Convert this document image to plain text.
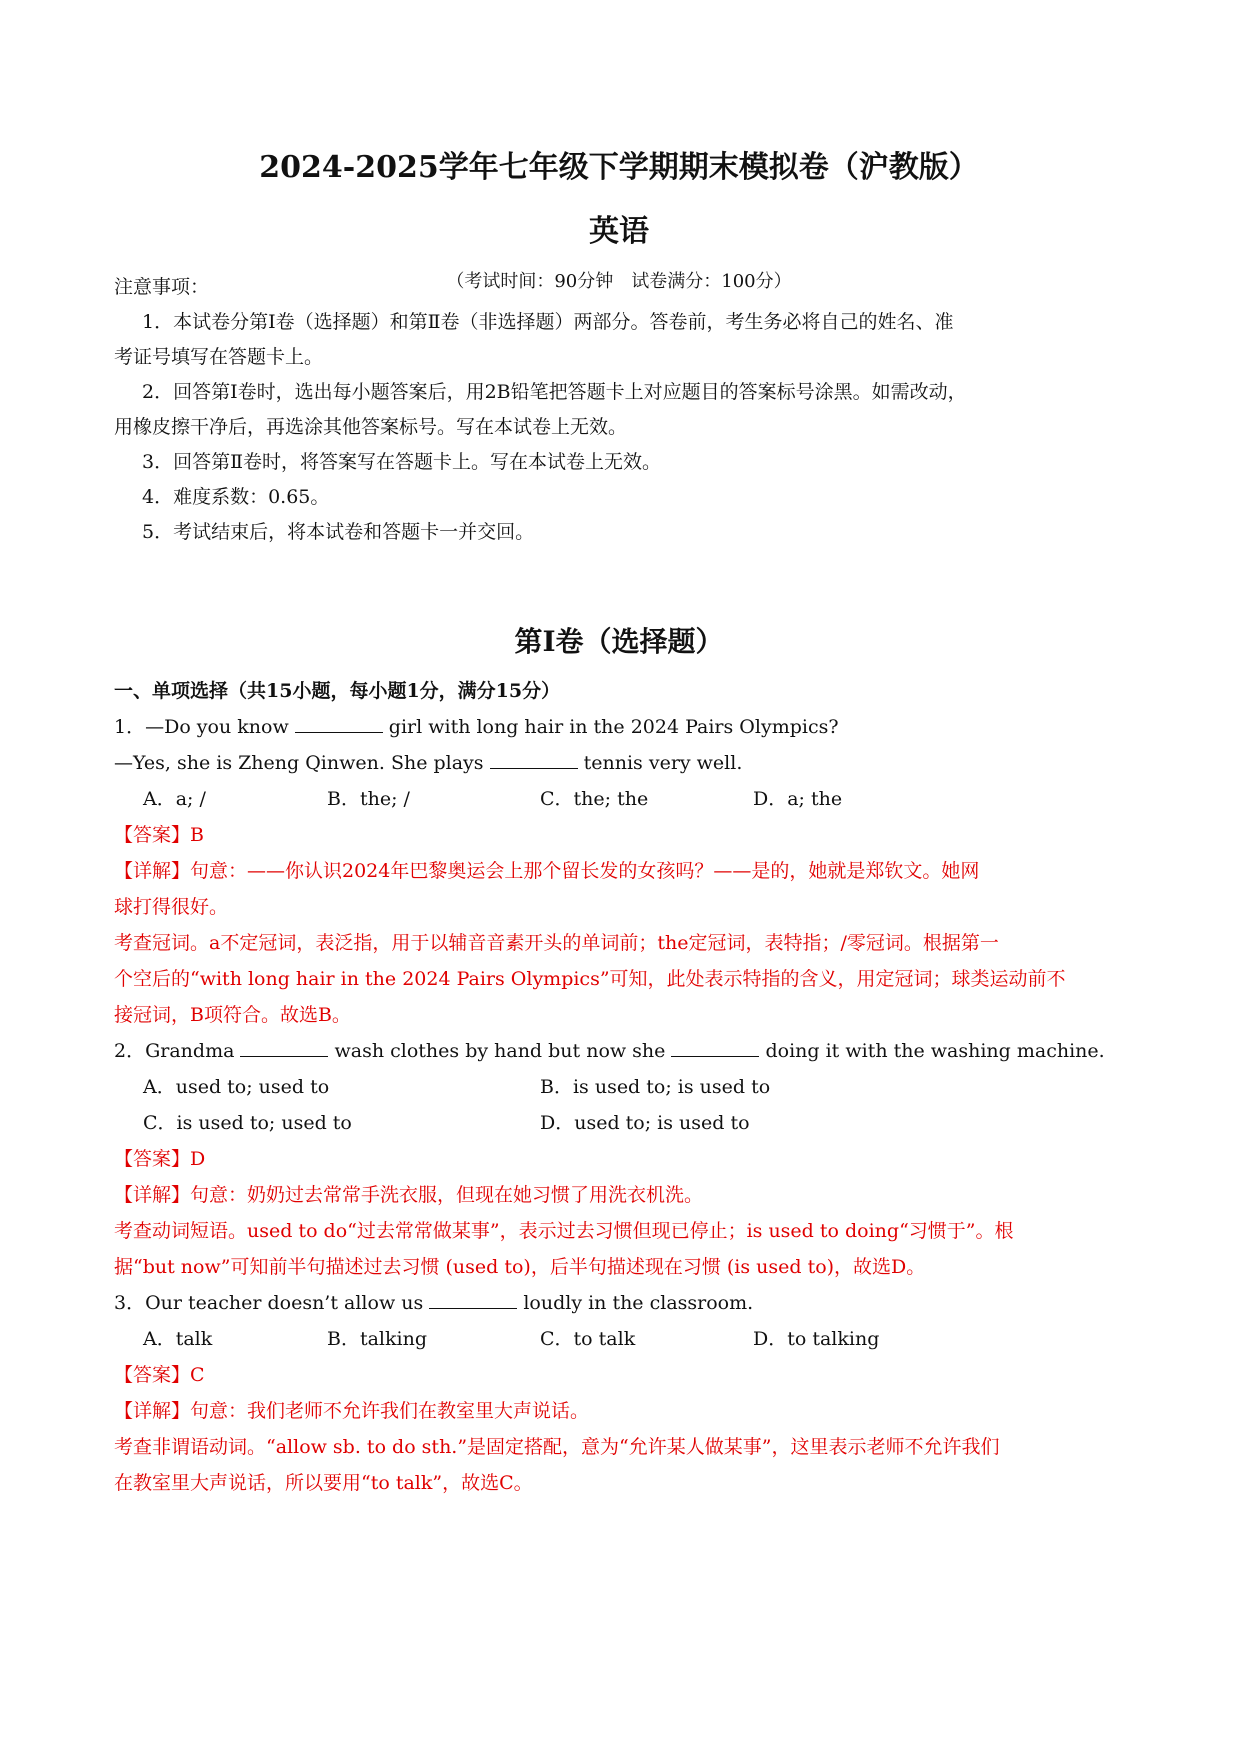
2024-2025学年七年级下学期期末模拟卷（沪教版）
英语
（考试时间：90分钟　试卷满分：100分）
注意事项：
1．本试卷分第Ⅰ卷（选择题）和第Ⅱ卷（非选择题）两部分。答卷前，考生务必将自己的姓名、准
考证号填写在答题卡上。
2．回答第Ⅰ卷时，选出每小题答案后，用2B铅笔把答题卡上对应题目的答案标号涂黑。如需改动，
用橡皮擦干净后，再选涂其他答案标号。写在本试卷上无效。
3．回答第Ⅱ卷时，将答案写在答题卡上。写在本试卷上无效。
4．难度系数：0.65。
5．考试结束后，将本试卷和答题卡一并交回。
第Ⅰ卷（选择题）
一、单项选择（共15小题，每小题1分，满分15分）
1．—Do you know	girl with long hair in the 2024 Pairs Olympics?
—Yes, she is Zheng Qinwen. She plays	tennis very well.
A．a; /	B．the; /	C．the; the	D．a; the
【答案】B
【详解】句意：——你认识2024年巴黎奥运会上那个留长发的女孩吗？——是的，她就是郑钦文。她网
球打得很好。
考查冠词。a不定冠词，表泛指，用于以辅音音素开头的单词前；the定冠词，表特指；/零冠词。根据第一
个空后的“with long hair in the 2024 Pairs Olympics”可知，此处表示特指的含义，用定冠词；球类运动前不
接冠词，B项符合。故选B。
2．Grandma	wash clothes by hand but now she	doing it with the washing machine.
A．used to; used to	B．is used to; is used to
C．is used to; used to	D．used to; is used to
【答案】D
【详解】句意：奶奶过去常常手洗衣服，但现在她习惯了用洗衣机洗。
考查动词短语。used to do“过去常常做某事”，表示过去习惯但现已停止；is used to doing“习惯于”。根
据“but now”可知前半句描述过去习惯 (used to)，后半句描述现在习惯 (is used to)，故选D。
3．Our teacher doesn’t allow us	loudly in the classroom.
A．talk	B．talking	C．to talk	D．to talking
【答案】C
【详解】句意：我们老师不允许我们在教室里大声说话。
考查非谓语动词。“allow sb. to do sth.”是固定搭配，意为“允许某人做某事”，这里表示老师不允许我们
在教室里大声说话，所以要用“to talk”，故选C。
